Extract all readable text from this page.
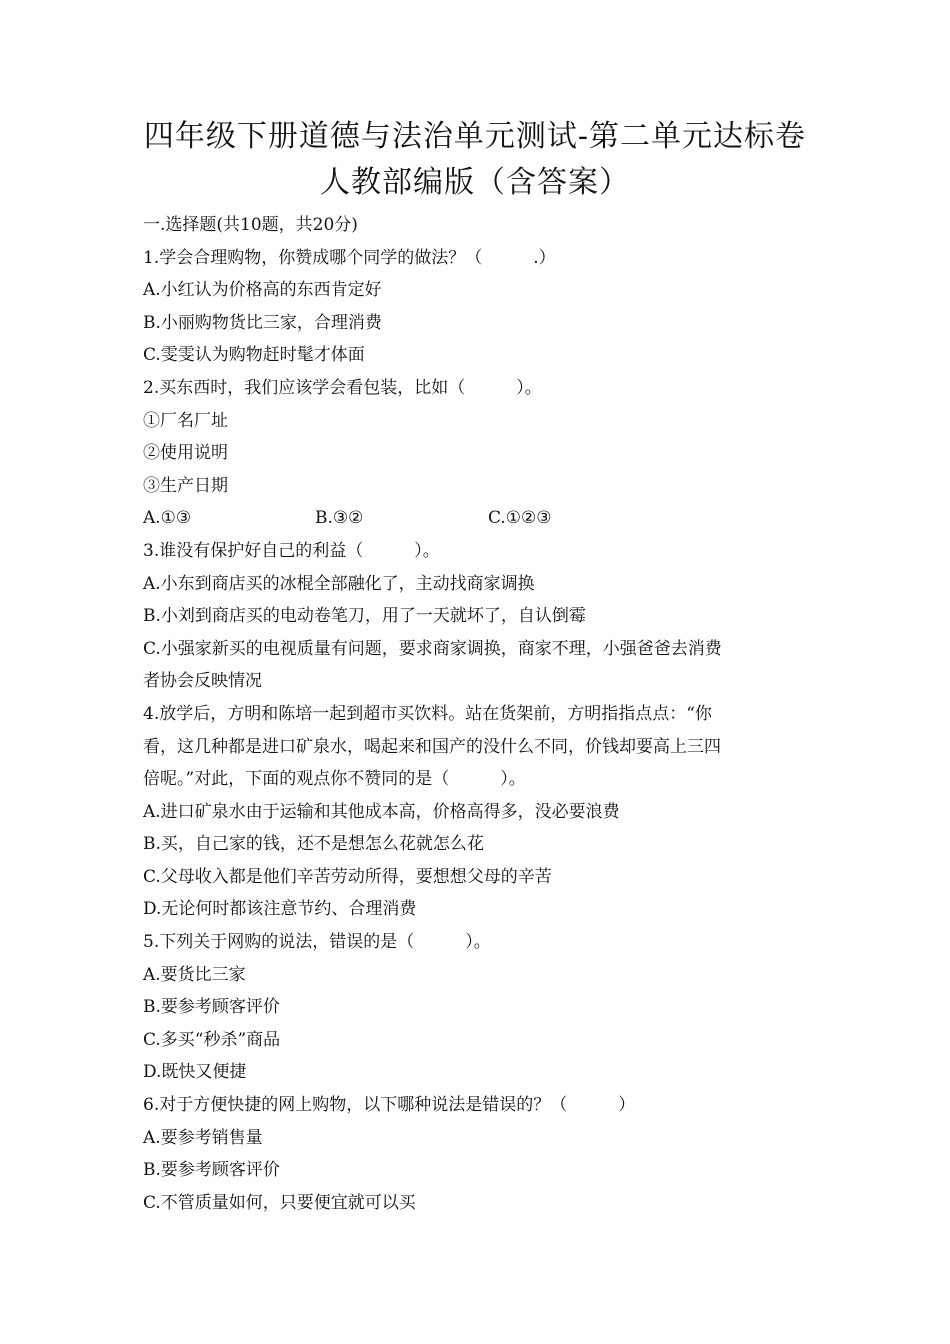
四年级下册道德与法治单元测试-第二单元达标卷
人教部编版（含答案）
一.选择题(共10题，共20分)
1.学会合理购物，你赞成哪个同学的做法？（　　　.）
A.小红认为价格高的东西肯定好
B.小丽购物货比三家，合理消费
C.雯雯认为购物赶时髦才体面
2.买东西时，我们应该学会看包装，比如（　　　）。
①厂名厂址
②使用说明
③生产日期
A.①③	B.③②	C.①②③
3.谁没有保护好自己的利益（　　　）。
A.小东到商店买的冰棍全部融化了，主动找商家调换
B.小刘到商店买的电动卷笔刀，用了一天就坏了，自认倒霉
C.小强家新买的电视质量有问题，要求商家调换，商家不理，小强爸爸去消费
者协会反映情况
4.放学后，方明和陈培一起到超市买饮料。站在货架前，方明指指点点：“你
看，这几种都是进口矿泉水，喝起来和国产的没什么不同，价钱却要高上三四
倍呢。”对此，下面的观点你不赞同的是（　　　）。
A.进口矿泉水由于运输和其他成本高，价格高得多，没必要浪费
B.买，自己家的钱，还不是想怎么花就怎么花
C.父母收入都是他们辛苦劳动所得，要想想父母的辛苦
D.无论何时都该注意节约、合理消费
5.下列关于网购的说法，错误的是（　　　）。
A.要货比三家
B.要参考顾客评价
C.多买“秒杀”商品
D.既快又便捷
6.对于方便快捷的网上购物，以下哪种说法是错误的？（　　　）
A.要参考销售量
B.要参考顾客评价
C.不管质量如何，只要便宜就可以买
